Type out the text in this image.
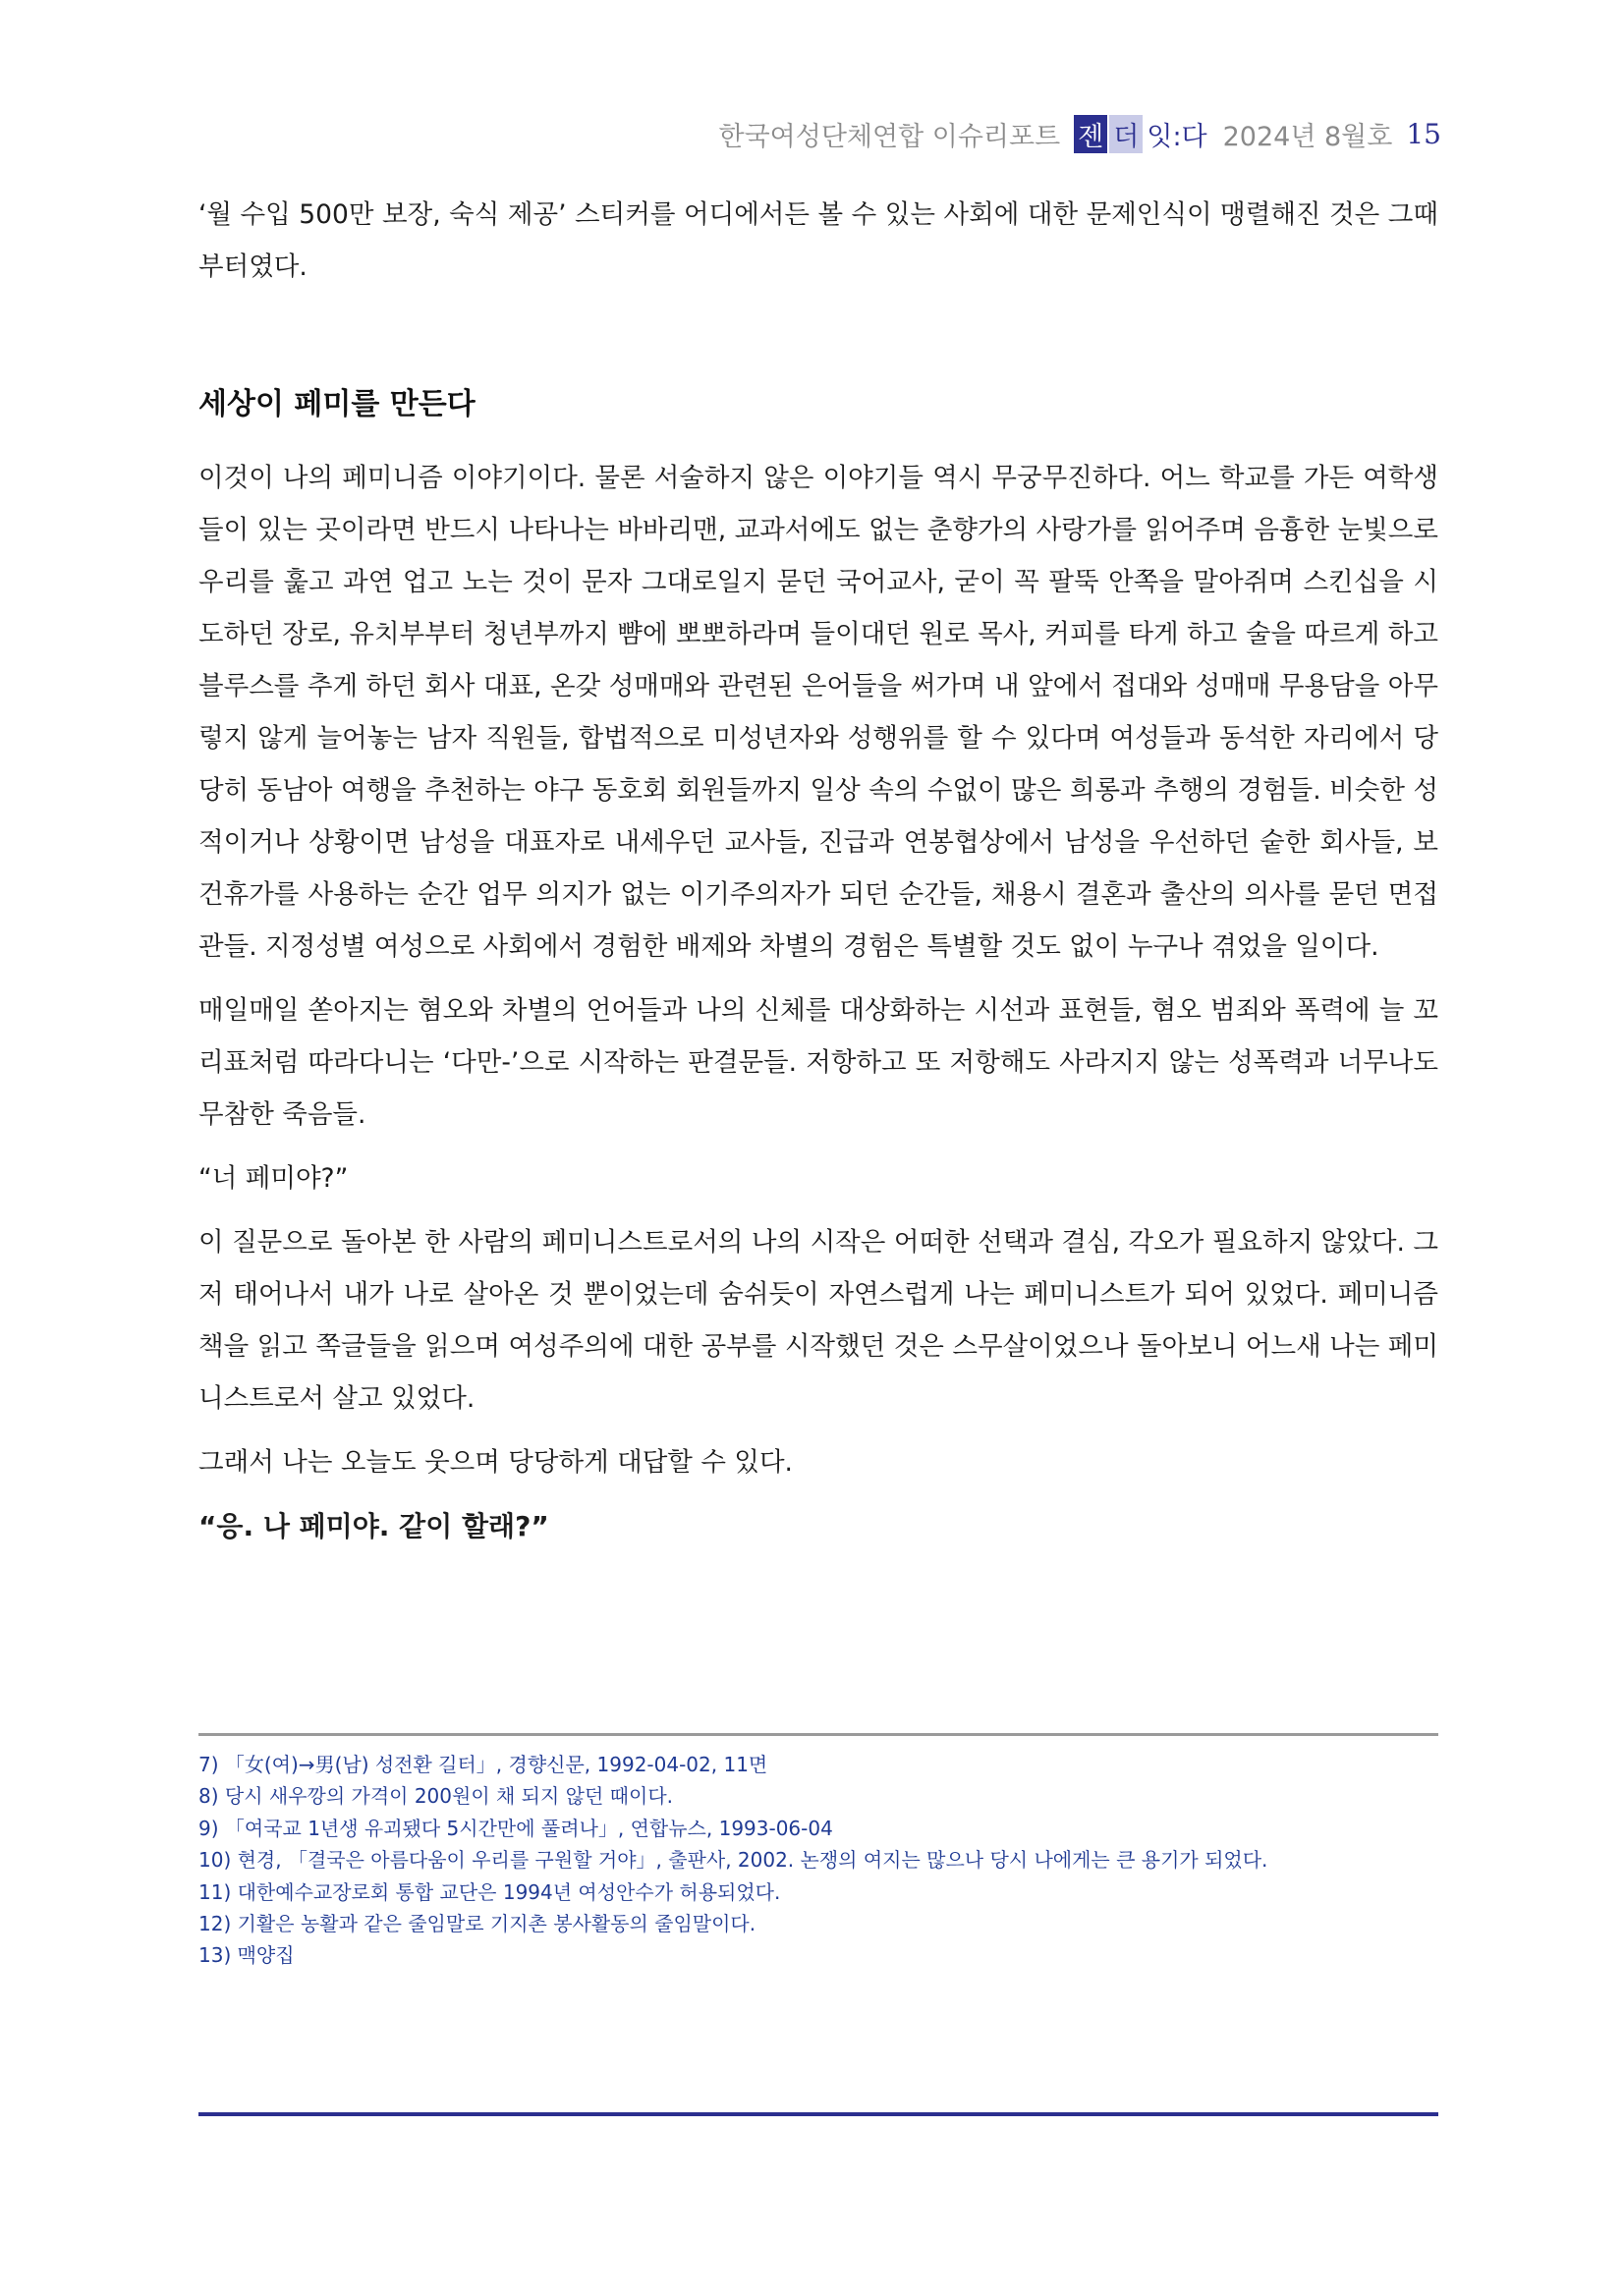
한국여성단체연합 이슈리포트 젠 더 잇:다 2024년 8월호 15

‘월 수입 500만 보장, 숙식 제공’ 스티커를 어디에서든 볼 수 있는 사회에 대한 문제인식이 맹렬해진 것은 그때부터였다.

세상이 페미를 만든다

이것이 나의 페미니즘 이야기이다. 물론 서술하지 않은 이야기들 역시 무궁무진하다. 어느 학교를 가든 여학생들이 있는 곳이라면 반드시 나타나는 바바리맨, 교과서에도 없는 춘향가의 사랑가를 읽어주며 음흉한 눈빛으로 우리를 훑고 과연 업고 노는 것이 문자 그대로일지 묻던 국어교사, 굳이 꼭 팔뚝 안쪽을 말아쥐며 스킨십을 시도하던 장로, 유치부부터 청년부까지 뺨에 뽀뽀하라며 들이대던 원로 목사, 커피를 타게 하고 술을 따르게 하고 블루스를 추게 하던 회사 대표, 온갖 성매매와 관련된 은어들을 써가며 내 앞에서 접대와 성매매 무용담을 아무렇지 않게 늘어놓는 남자 직원들, 합법적으로 미성년자와 성행위를 할 수 있다며 여성들과 동석한 자리에서 당당히 동남아 여행을 추천하는 야구 동호회 회원들까지 일상 속의 수없이 많은 희롱과 추행의 경험들. 비슷한 성적이거나 상황이면 남성을 대표자로 내세우던 교사들, 진급과 연봉협상에서 남성을 우선하던 숱한 회사들, 보건휴가를 사용하는 순간 업무 의지가 없는 이기주의자가 되던 순간들, 채용시 결혼과 출산의 의사를 묻던 면접관들. 지정성별 여성으로 사회에서 경험한 배제와 차별의 경험은 특별할 것도 없이 누구나 겪었을 일이다.

매일매일 쏟아지는 혐오와 차별의 언어들과 나의 신체를 대상화하는 시선과 표현들, 혐오 범죄와 폭력에 늘 꼬리표처럼 따라다니는 ‘다만-’으로 시작하는 판결문들. 저항하고 또 저항해도 사라지지 않는 성폭력과 너무나도 무참한 죽음들.

“너 페미야?”

이 질문으로 돌아본 한 사람의 페미니스트로서의 나의 시작은 어떠한 선택과 결심, 각오가 필요하지 않았다. 그저 태어나서 내가 나로 살아온 것 뿐이었는데 숨쉬듯이 자연스럽게 나는 페미니스트가 되어 있었다. 페미니즘 책을 읽고 쪽글들을 읽으며 여성주의에 대한 공부를 시작했던 것은 스무살이었으나 돌아보니 어느새 나는 페미니스트로서 살고 있었다.

그래서 나는 오늘도 웃으며 당당하게 대답할 수 있다.

“응. 나 페미야. 같이 할래?”

7) 「女(여)→男(남) 성전환 길터」, 경향신문, 1992-04-02, 11면
8) 당시 새우깡의 가격이 200원이 채 되지 않던 때이다.
9) 「여국교 1년생 유괴됐다 5시간만에 풀려나」, 연합뉴스, 1993-06-04
10) 현경, 「결국은 아름다움이 우리를 구원할 거야」, 출판사, 2002. 논쟁의 여지는 많으나 당시 나에게는 큰 용기가 되었다.
11) 대한예수교장로회 통합 교단은 1994년 여성안수가 허용되었다.
12) 기활은 농활과 같은 줄임말로 기지촌 봉사활동의 줄임말이다.
13) 맥양집
